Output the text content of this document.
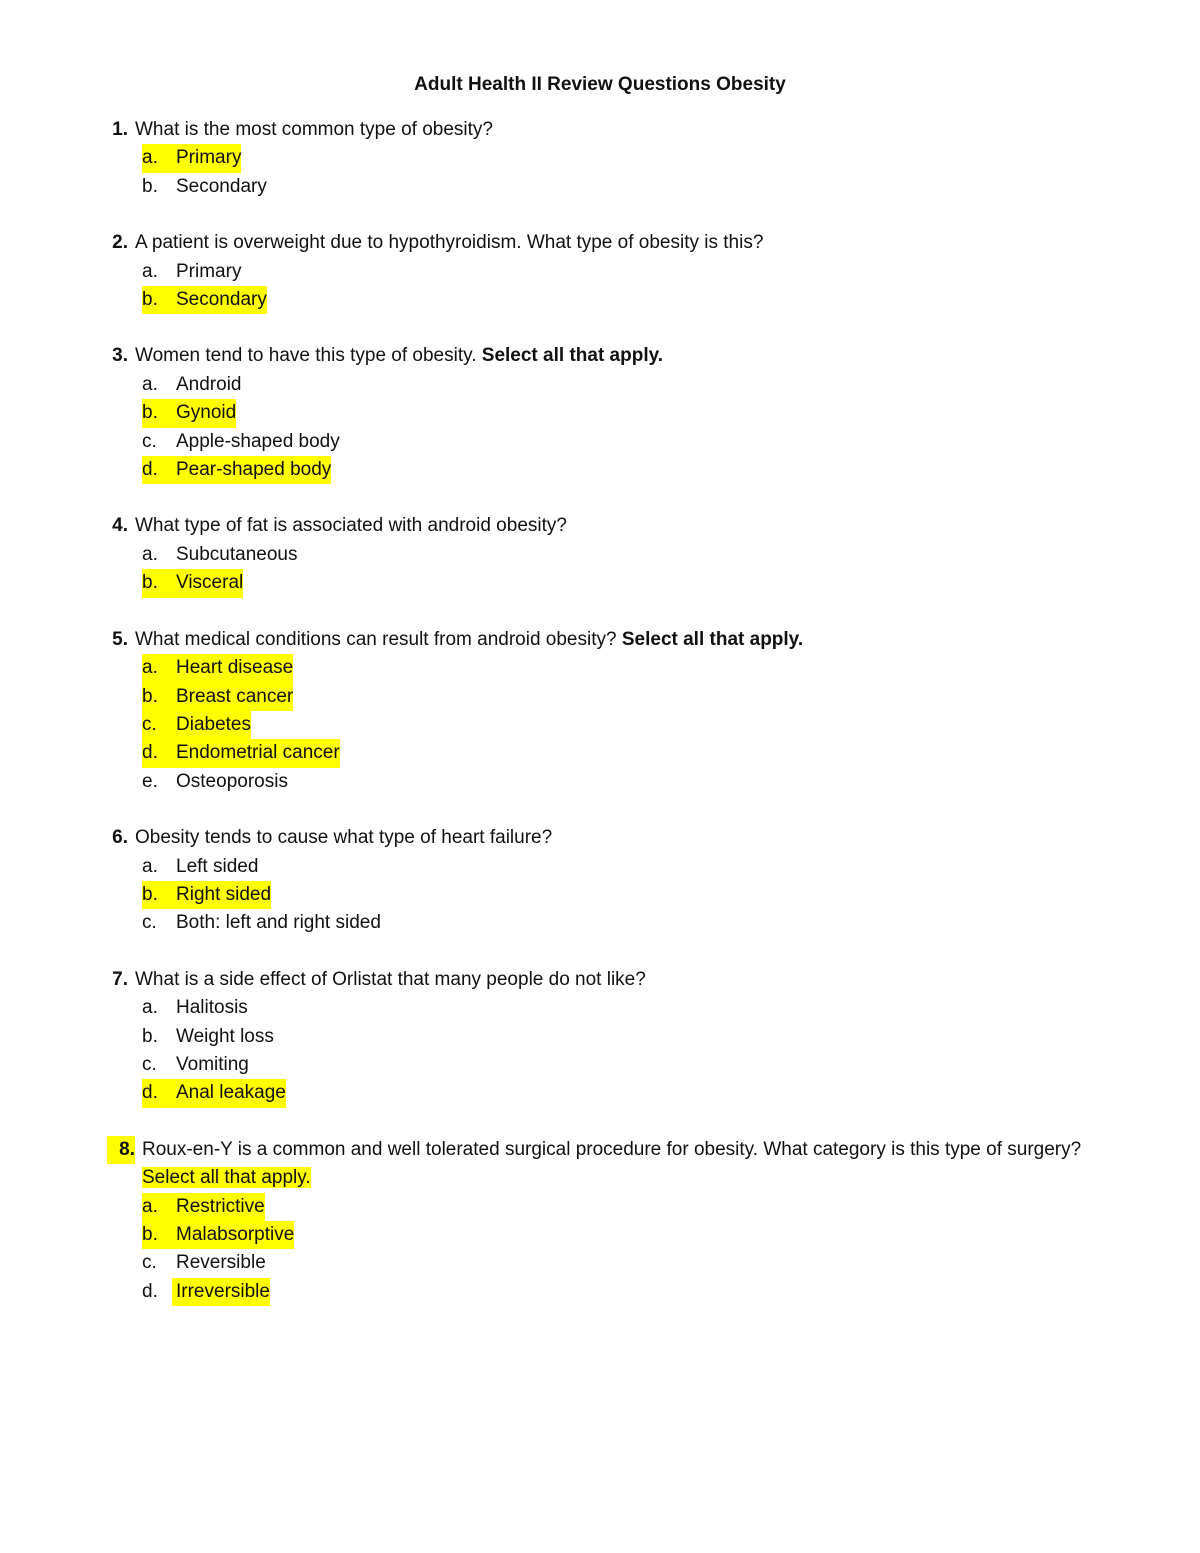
Adult Health II Review Questions Obesity
1. What is the most common type of obesity?
a. Primary
b. Secondary
2. A patient is overweight due to hypothyroidism. What type of obesity is this?
a. Primary
b. Secondary
3. Women tend to have this type of obesity. Select all that apply.
a. Android
b. Gynoid
c.	Apple-shaped body
d. Pear-shaped body
4. What type of fat is associated with android obesity?
a. Subcutaneous
b. Visceral
5. What medical conditions can result from android obesity? Select all that apply.
a. Heart disease
b. Breast cancer
c.	Diabetes
d. Endometrial cancer
e. Osteoporosis
6. Obesity tends to cause what type of heart failure?
a. Left sided
b. Right sided
c.	Both: left and right sided
7. What is a side effect of Orlistat that many people do not like?
a. Halitosis
b. Weight loss
c.	Vomiting
d. Anal leakage
8. Roux-en-Y is a common and well tolerated surgical procedure for obesity. What category is this type of surgery?
Select all that apply.
a. Restrictive
b. Malabsorptive
c.	Reversible
d. Irreversible
